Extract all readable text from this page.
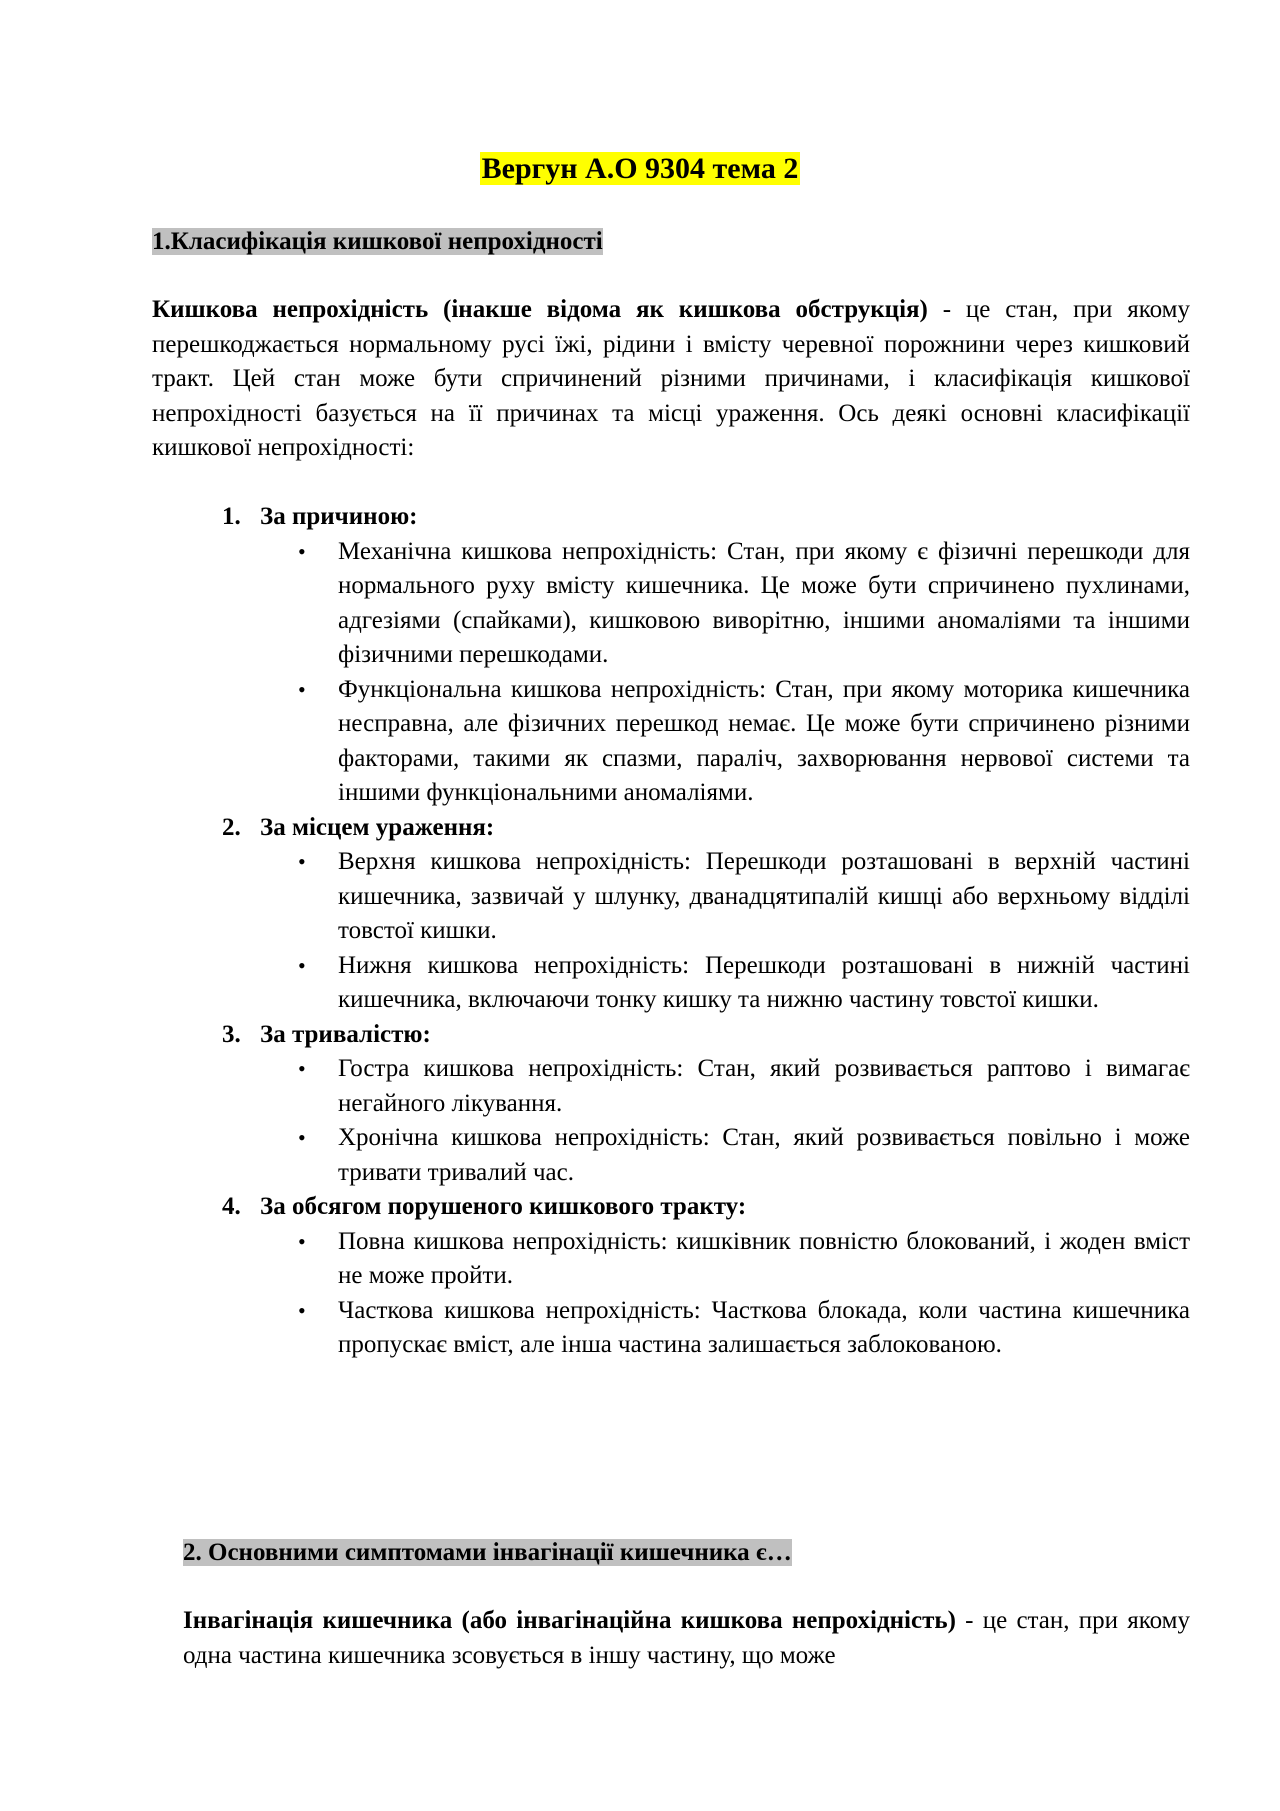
Вергун А.О 9304 тема 2
1.Класифікація кишкової непрохідності

Кишкова непрохідність (інакше відома як кишкова обструкція) - це стан, при якому перешкоджається нормальному русі їжі, рідини і вмісту черевної порожнини через кишковий тракт. Цей стан може бути спричинений різними причинами, і класифікація кишкової непрохідності базується на її причинах та місці ураження. Ось деякі основні класифікації кишкової непрохідності:

1. За причиною:
•	Механічна кишкова непрохідність: Стан, при якому є фізичні перешкоди для нормального руху вмісту кишечника. Це може бути спричинено пухлинами, адгезіями (спайками), кишковою виворітню, іншими аномаліями та іншими фізичними перешкодами.
•	Функціональна кишкова непрохідність: Стан, при якому моторика кишечника несправна, але фізичних перешкод немає. Це може бути спричинено різними факторами, такими як спазми, параліч, захворювання нервової системи та іншими функціональними аномаліями.
2. За місцем ураження:
•	Верхня кишкова непрохідність: Перешкоди розташовані в верхній частині кишечника, зазвичай у шлунку, дванадцятипалій кишці або верхньому відділі товстої кишки.
•	Нижня кишкова непрохідність: Перешкоди розташовані в нижній частині кишечника, включаючи тонку кишку та нижню частину товстої кишки.
3. За тривалістю:
•	Гостра кишкова непрохідність: Стан, який розвивається раптово і вимагає негайного лікування.
•	Хронічна кишкова непрохідність: Стан, який розвивається повільно і може тривати тривалий час.
4. За обсягом порушеного кишкового тракту:
•	Повна кишкова непрохідність: кишківник повністю блокований, і жоден вміст не може пройти.
•	Часткова кишкова непрохідність: Часткова блокада, коли частина кишечника пропускає вміст, але інша частина залишається заблокованою.
2. Основними симптомами інвагінації кишечника є…

Інвагінація кишечника (або інвагінаційна кишкова непрохідність) - це стан, при якому одна частина кишечника зсовується в іншу частину, що може
